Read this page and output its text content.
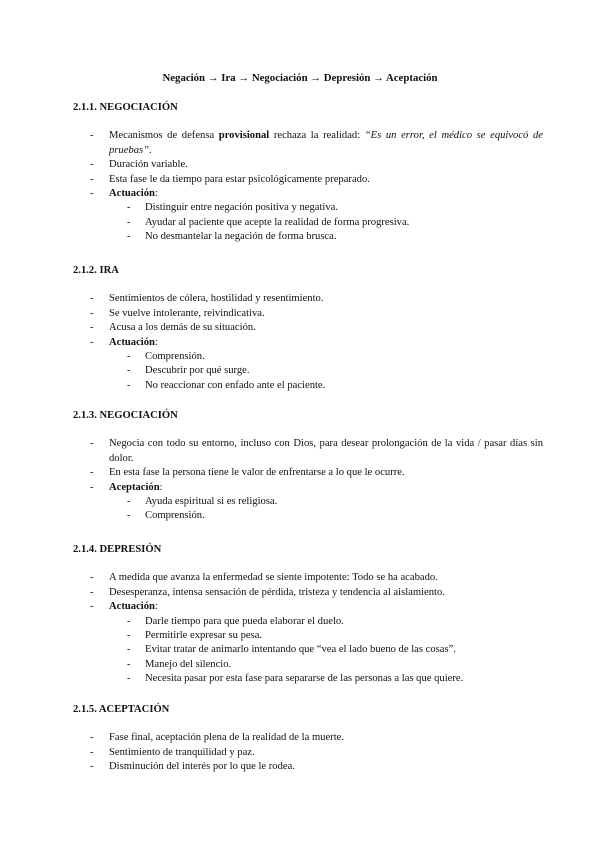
Negación → Ira → Negociación → Depresión → Aceptación
2.1.1. NEGOCIACIÓN
- Mecanismos de defensa provisional rechaza la realidad: “Es un error, el médico se equivocó de pruebas”.
- Duración variable.
- Esta fase le da tiempo para estar psicológicamente preparado.
- Actuación:
- Distinguir entre negación positiva y negativa.
- Ayudar al paciente que acepte la realidad de forma progresiva.
- No desmantelar la negación de forma brusca.
2.1.2. IRA
- Sentimientos de cólera, hostilidad y resentimiento.
- Se vuelve intolerante, reivindicativa.
- Acusa a los demás de su situación.
- Actuación:
- Comprensión.
- Descubrir por qué surge.
- No reaccionar con enfado ante el paciente.
2.1.3. NEGOCIACIÓN
- Negocia con todo su entorno, incluso con Dios, para desear prolongación de la vida / pasar días sin dolor.
- En esta fase la persona tiene le valor de enfrentarse a lo que le ocurre.
- Aceptación:
- Ayuda espiritual si es religiosa.
- Comprensión.
2.1.4. DEPRESIÓN
- A medida que avanza la enfermedad se siente impotente: Todo se ha acabado.
- Desesperanza, intensa sensación de pérdida, tristeza y tendencia al aislamiento.
- Actuación:
- Darle tiempo para que pueda elaborar el duelo.
- Permitirle expresar su pesa.
- Evitar tratar de animarlo intentando que “vea el lado bueno de las cosas”.
- Manejo del silencio.
- Necesita pasar por esta fase para separarse de las personas a las que quiere.
2.1.5. ACEPTACIÓN
- Fase final, aceptación plena de la realidad de la muerte.
- Sentimiento de tranquilidad y paz.
- Disminución del interés por lo que le rodea.
